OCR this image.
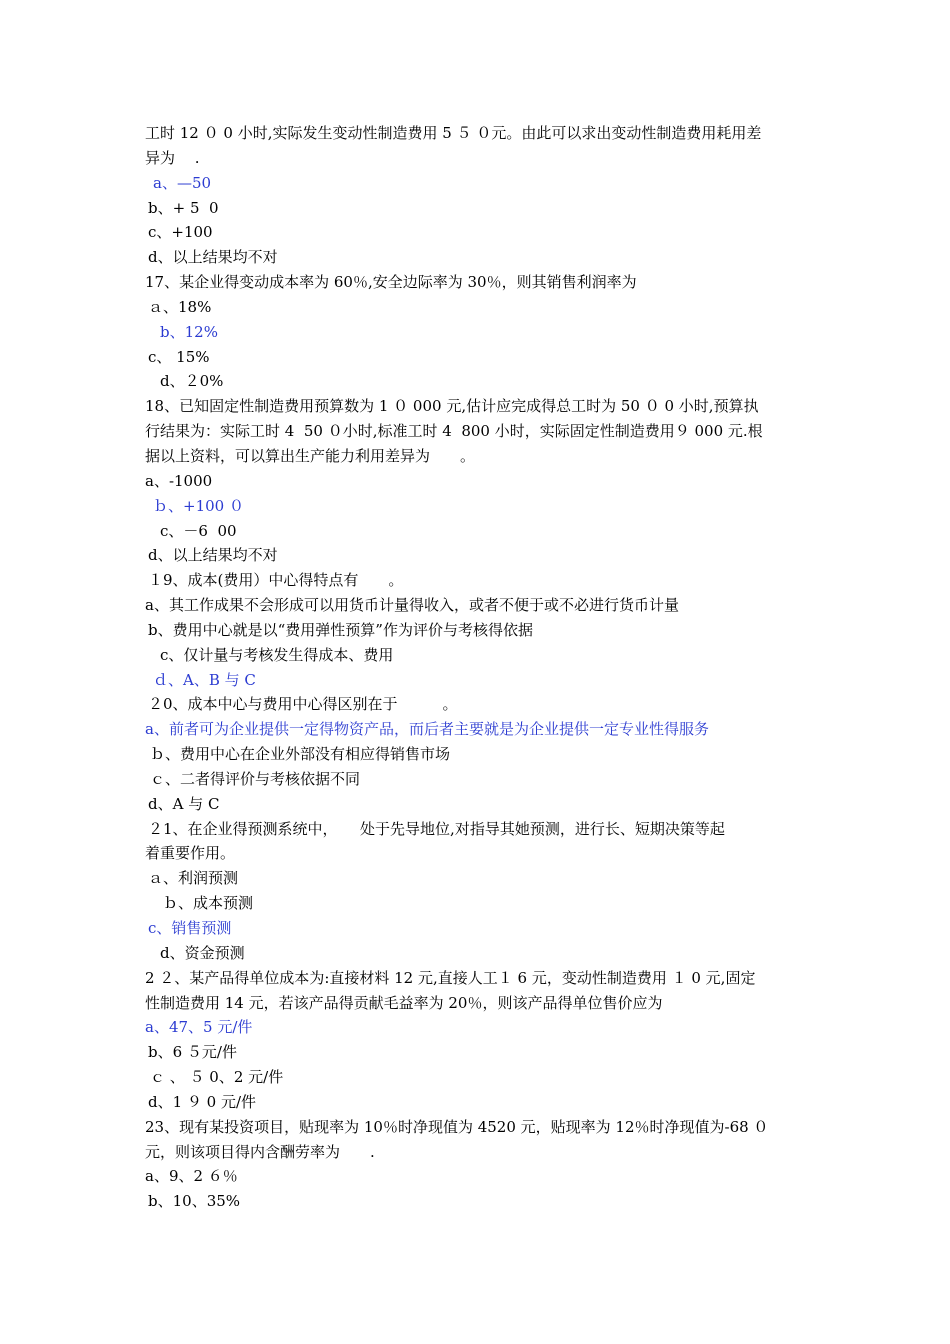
工时 12 ０ 0 小时,实际发生变动性制造费用 5 ５ ０元。由此可以求出变动性制造费用耗用差
异为　 .
a、—50
b、+ 5  0
c、+100
d、以上结果均不对
17、某企业得变动成本率为 60％,安全边际率为 30％，则其销售利润率为
ａ、18%
b、12%
c、 15%
d、２0%
18、已知固定性制造费用预算数为 1 ０ 000 元,估计应完成得总工时为 50 ０ 0 小时,预算执
行结果为：实际工时 4  50 ０小时,标准工时 4  800 小时，实际固定性制造费用９ 000 元.根
据以上资料，可以算出生产能力利用差异为　　。
a、-1000
ｂ、+100 ０
c、－6  00
d、以上结果均不对
１9、成本(费用）中心得特点有　　。
a、其工作成果不会形成可以用货币计量得收入，或者不便于或不必进行货币计量
b、费用中心就是以“费用弹性预算”作为评价与考核得依据
c、仅计量与考核发生得成本、费用
ｄ、A、B 与 C
２0、成本中心与费用中心得区别在于　　　。
a、前者可为企业提供一定得物资产品，而后者主要就是为企业提供一定专业性得服务
ｂ、费用中心在企业外部没有相应得销售市场
ｃ、二者得评价与考核依据不同
d、A 与 C
２1、在企业得预测系统中，　　处于先导地位,对指导其她预测，进行长、短期决策等起
着重要作用。
ａ、利润预测
ｂ、成本预测
c、销售预测
d、资金预测
2 ２、某产品得单位成本为:直接材料 12 元,直接人工１ 6 元，变动性制造费用 １ 0 元,固定
性制造费用 14 元，若该产品得贡献毛益率为 20％，则该产品得单位售价应为
a、47、5 元/件
b、6 ５元/件
ｃ 、 ５ 0、2 元/件
d、1 ９ 0 元/件
23、现有某投资项目，贴现率为 10％时净现值为 4520 元，贴现率为 12％时净现值为-68 ０
元，则该项目得内含酬劳率为　　.
a、9、2 ６％
b、10、35%
